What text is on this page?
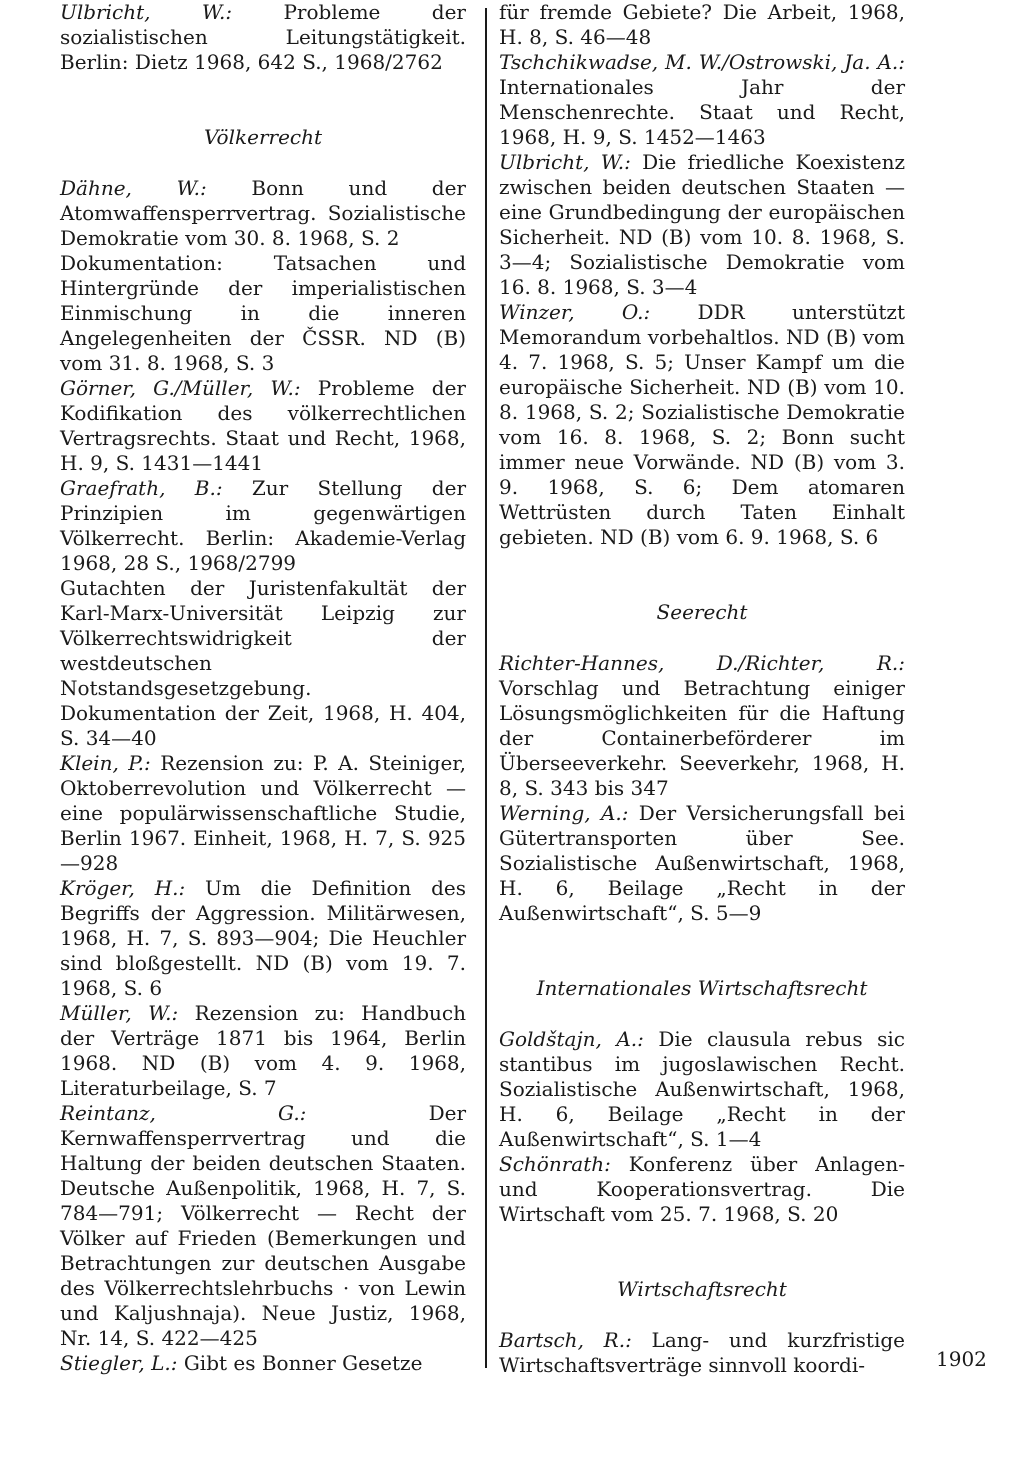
Ulbricht, W.: Probleme der sozialistischen Leitungstätigkeit. Berlin: Dietz 1968, 642 S., 1968/2762

Völkerrecht

Dähne, W.: Bonn und der Atomwaffensperrvertrag. Sozialistische Demokratie vom 30. 8. 1968, S. 2

Dokumentation: Tatsachen und Hintergründe der imperialistischen Einmischung in die inneren Angelegenheiten der ČSSR. ND (B) vom 31. 8. 1968, S. 3

Görner, G./Müller, W.: Probleme der Kodifikation des völkerrechtlichen Vertragsrechts. Staat und Recht, 1968, H. 9, S. 1431—1441

Graefrath, B.: Zur Stellung der Prinzipien im gegenwärtigen Völkerrecht. Berlin: Akademie-Verlag 1968, 28 S., 1968/2799

Gutachten der Juristenfakultät der Karl-Marx-Universität Leipzig zur Völkerrechtswidrigkeit der westdeutschen Notstandsgesetzgebung. Dokumentation der Zeit, 1968, H. 404, S. 34—40

Klein, P.: Rezension zu: P. A. Steiniger, Oktoberrevolution und Völkerrecht — eine populärwissenschaftliche Studie, Berlin 1967. Einheit, 1968, H. 7, S. 925—928

Kröger, H.: Um die Definition des Begriffs der Aggression. Militärwesen, 1968, H. 7, S. 893—904; Die Heuchler sind bloßgestellt. ND (B) vom 19. 7. 1968, S. 6

Müller, W.: Rezension zu: Handbuch der Verträge 1871 bis 1964, Berlin 1968. ND (B) vom 4. 9. 1968, Literaturbeilage, S. 7

Reintanz, G.: Der Kernwaffensperrvertrag und die Haltung der beiden deutschen Staaten. Deutsche Außenpolitik, 1968, H. 7, S. 784—791; Völkerrecht — Recht der Völker auf Frieden (Bemerkungen und Betrachtungen zur deutschen Ausgabe des Völkerrechtslehrbuchs · von Lewin und Kaljushnaja). Neue Justiz, 1968, Nr. 14, S. 422—425

Stiegler, L.: Gibt es Bonner Gesetze

für fremde Gebiete? Die Arbeit, 1968, H. 8, S. 46—48

Tschchikwadse, M. W./Ostrowski, Ja. A.: Internationales Jahr der Menschenrechte. Staat und Recht, 1968, H. 9, S. 1452—1463

Ulbricht, W.: Die friedliche Koexistenz zwischen beiden deutschen Staaten — eine Grundbedingung der europäischen Sicherheit. ND (B) vom 10. 8. 1968, S. 3—4; Sozialistische Demokratie vom 16. 8. 1968, S. 3—4

Winzer, O.: DDR unterstützt Memorandum vorbehaltlos. ND (B) vom 4. 7. 1968, S. 5; Unser Kampf um die europäische Sicherheit. ND (B) vom 10. 8. 1968, S. 2; Sozialistische Demokratie vom 16. 8. 1968, S. 2; Bonn sucht immer neue Vorwände. ND (B) vom 3. 9. 1968, S. 6; Dem atomaren Wettrüsten durch Taten Einhalt gebieten. ND (B) vom 6. 9. 1968, S. 6

Seerecht

Richter-Hannes, D./Richter, R.: Vorschlag und Betrachtung einiger Lösungsmöglichkeiten für die Haftung der Containerbeförderer im Überseeverkehr. Seeverkehr, 1968, H. 8, S. 343 bis 347

Werning, A.: Der Versicherungsfall bei Gütertransporten über See. Sozialistische Außenwirtschaft, 1968, H. 6, Beilage „Recht in der Außenwirtschaft“, S. 5—9

Internationales Wirtschaftsrecht

Goldštajn, A.: Die clausula rebus sic stantibus im jugoslawischen Recht. Sozialistische Außenwirtschaft, 1968, H. 6, Beilage „Recht in der Außenwirtschaft“, S. 1—4

Schönrath: Konferenz über Anlagen- und Kooperationsvertrag. Die Wirtschaft vom 25. 7. 1968, S. 20

Wirtschaftsrecht

Bartsch, R.: Lang- und kurzfristige Wirtschaftsverträge sinnvoll koordi-	1902
